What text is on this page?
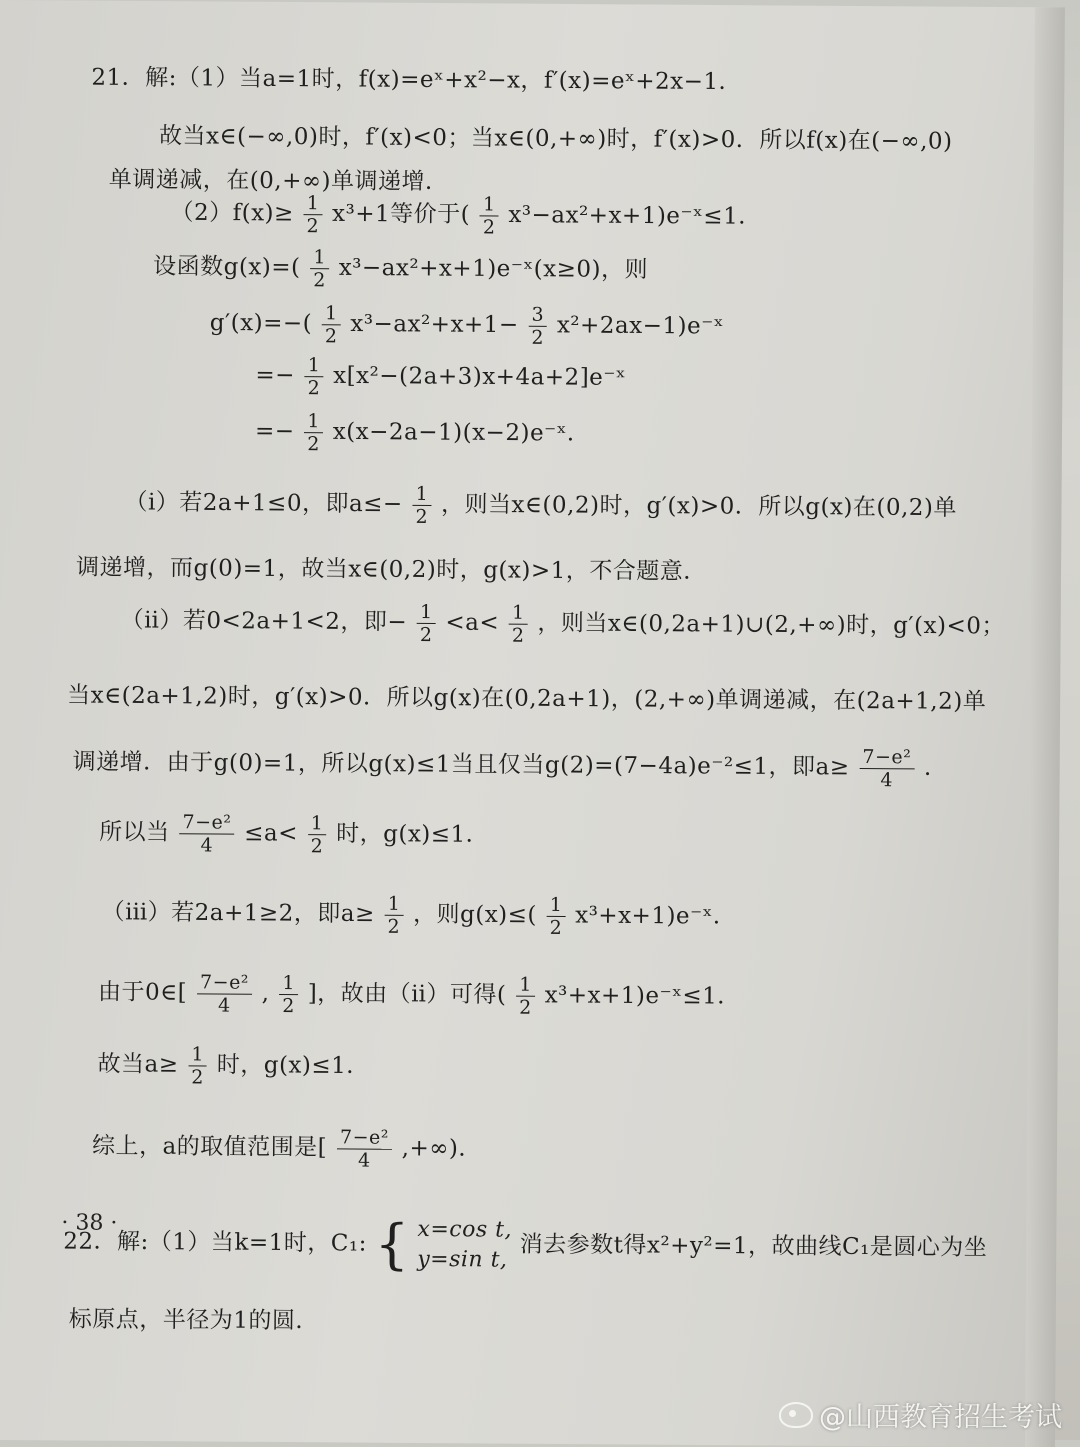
21．解:（1）当a=1时，f(x)=eˣ+x²−x，f′(x)=eˣ+2x−1．
故当x∈(−∞,0)时，f′(x)<0；当x∈(0,+∞)时，f′(x)>0．所以f(x)在(−∞,0)
单调递减，在(0,+∞)单调递增．
$(2)f(x)\ge \frac{1}{2} x^3+1$等价于( $\frac{1}{2}$ x³−ax²+x+1)e⁻ˣ≤1．
设函数$g(x)=( \frac{1}{2}$ x³−ax²+x+1)e⁻ˣ(x≥0)，则
$g'(x)=-( \frac{1}{2} x^3-ax^2+x+1- \frac{3}{2}$ x²+2ax−1)e⁻ˣ
=− $\frac{1}{2}$ x[x²−(2a+3)x+4a+2]e⁻ˣ
=− $\frac{1}{2}$ x(x−2a−1)(x−2)e⁻ˣ．
（ⅰ）若2a+1≤0，即$a\le- \frac{1}{2}$ ，则当x∈(0,2)时，g′(x)>0．所以g(x)在(0,2)单
调递增，而g(0)=1，故当x∈(0,2)时，g(x)>1，不合题意．
（ⅱ）若0<2a+1<2，即− $\frac{1}{2} <a< \frac{1}{2}$ ，则当x∈(0,2a+1)∪(2,+∞)时，g′(x)<0；
当x∈(2a+1,2)时，g′(x)>0．所以g(x)在(0,2a+1)，(2,+∞)单调递减，在(2a+1,2)单
调递增．由于g(0)=1，所以g(x)≤1当且仅当g(2)=(7−4a)e⁻²≤1，即$a\ge \frac{\text{7−e²}}{4}$ ．
所以当 $\frac{\text{7−e²}}{4} \le a< \frac{1}{2}$ 时，g(x)≤1．
（ⅲ）若2a+1≥2，即$a\ge \frac{1}{2}$ ，则$g(x)\le( \frac{1}{2}$ x³+x+1)e⁻ˣ．
由于0∈[ $\frac{\text{7−e²}}{4}$ , $\frac{1}{2}$ ]，故由（ⅱ）可得( $\frac{1}{2}$ x³+x+1)e⁻ˣ≤1．
故当$a\ge \frac{1}{2}$ 时，g(x)≤1．
综上，a的取值范围是[ $\frac{\text{7−e²}}{4}$ ,+∞)．
22．解:（1）当k=1时，C₁: { x=cos t,
y=sin t, 消去参数t得x²+y²=1，故曲线C₁是圆心为坐
标原点，半径为1的圆．
· 38 ·
@山西教育招生考试
